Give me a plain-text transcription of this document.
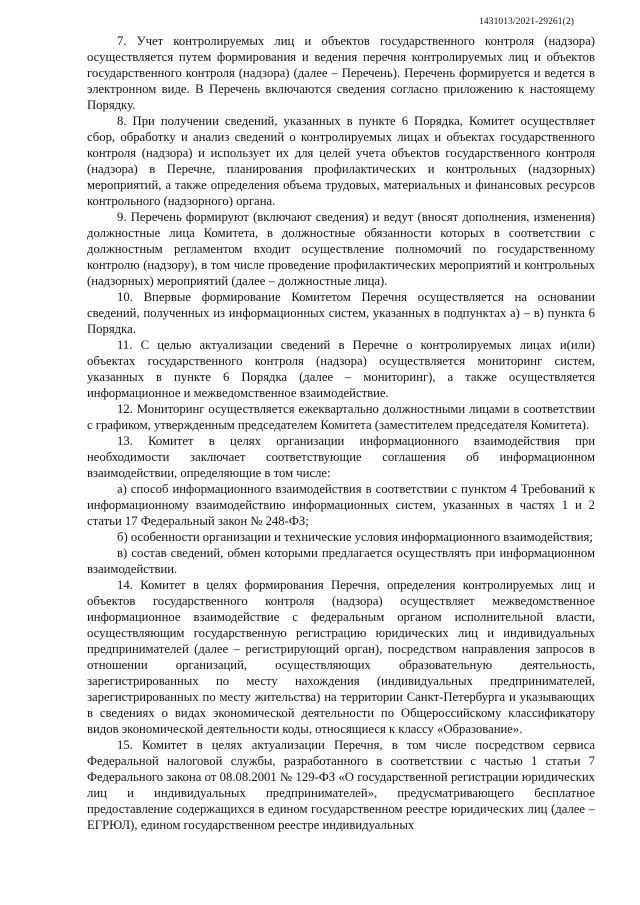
1431013/2021-29261(2)

7. Учет контролируемых лиц и объектов государственного контроля (надзора) осуществляется путем формирования и ведения перечня контролируемых лиц и объектов государственного контроля (надзора) (далее – Перечень). Перечень формируется и ведется в электронном виде. В Перечень включаются сведения согласно приложению к настоящему Порядку.

8. При получении сведений, указанных в пункте 6 Порядка, Комитет осуществляет сбор, обработку и анализ сведений о контролируемых лицах и объектах государственного контроля (надзора) и использует их для целей учета объектов государственного контроля (надзора) в Перечне, планирования профилактических и контрольных (надзорных) мероприятий, а также определения объема трудовых, материальных и финансовых ресурсов контрольного (надзорного) органа.

9. Перечень формируют (включают сведения) и ведут (вносят дополнения, изменения) должностные лица Комитета, в должностные обязанности которых в соответствии с должностным регламентом входит осуществление полномочий по государственному контролю (надзору), в том числе проведение профилактических мероприятий и контрольных (надзорных) мероприятий (далее – должностные лица).

10. Впервые формирование Комитетом Перечня осуществляется на основании сведений, полученных из информационных систем, указанных в подпунктах а) – в) пункта 6 Порядка.

11. С целью актуализации сведений в Перечне о контролируемых лицах и(или) объектах государственного контроля (надзора) осуществляется мониторинг систем, указанных в пункте 6 Порядка (далее – мониторинг), а также осуществляется информационное и межведомственное взаимодействие.

12. Мониторинг осуществляется ежеквартально должностными лицами в соответствии с графиком, утвержденным председателем Комитета (заместителем председателя Комитета).

13. Комитет в целях организации информационного взаимодействия при необходимости заключает соответствующие соглашения об информационном взаимодействии, определяющие в том числе:

а) способ информационного взаимодействия в соответствии с пунктом 4 Требований к информационному взаимодействию информационных систем, указанных в частях 1 и 2 статьи 17 Федеральный закон № 248-ФЗ;

б) особенности организации и технические условия информационного взаимодействия;

в) состав сведений, обмен которыми предлагается осуществлять при информационном взаимодействии.

14. Комитет в целях формирования Перечня, определения контролируемых лиц и объектов государственного контроля (надзора) осуществляет межведомственное информационное взаимодействие с федеральным органом исполнительной власти, осуществляющим государственную регистрацию юридических лиц и индивидуальных предпринимателей (далее – регистрирующий орган), посредством направления запросов в отношении организаций, осуществляющих образовательную деятельность, зарегистрированных по месту нахождения (индивидуальных предпринимателей, зарегистрированных по месту жительства) на территории Санкт-Петербурга и указывающих в сведениях о видах экономической деятельности по Общероссийскому классификатору видов экономической деятельности коды, относящиеся к классу «Образование».

15. Комитет в целях актуализации Перечня, в том числе посредством сервиса Федеральной налоговой службы, разработанного в соответствии с частью 1 статьи 7 Федерального закона от 08.08.2001 № 129-ФЗ «О государственной регистрации юридических лиц и индивидуальных предпринимателей», предусматривающего бесплатное предоставление содержащихся в едином государственном реестре юридических лиц (далее – ЕГРЮЛ), едином государственном реестре индивидуальных
